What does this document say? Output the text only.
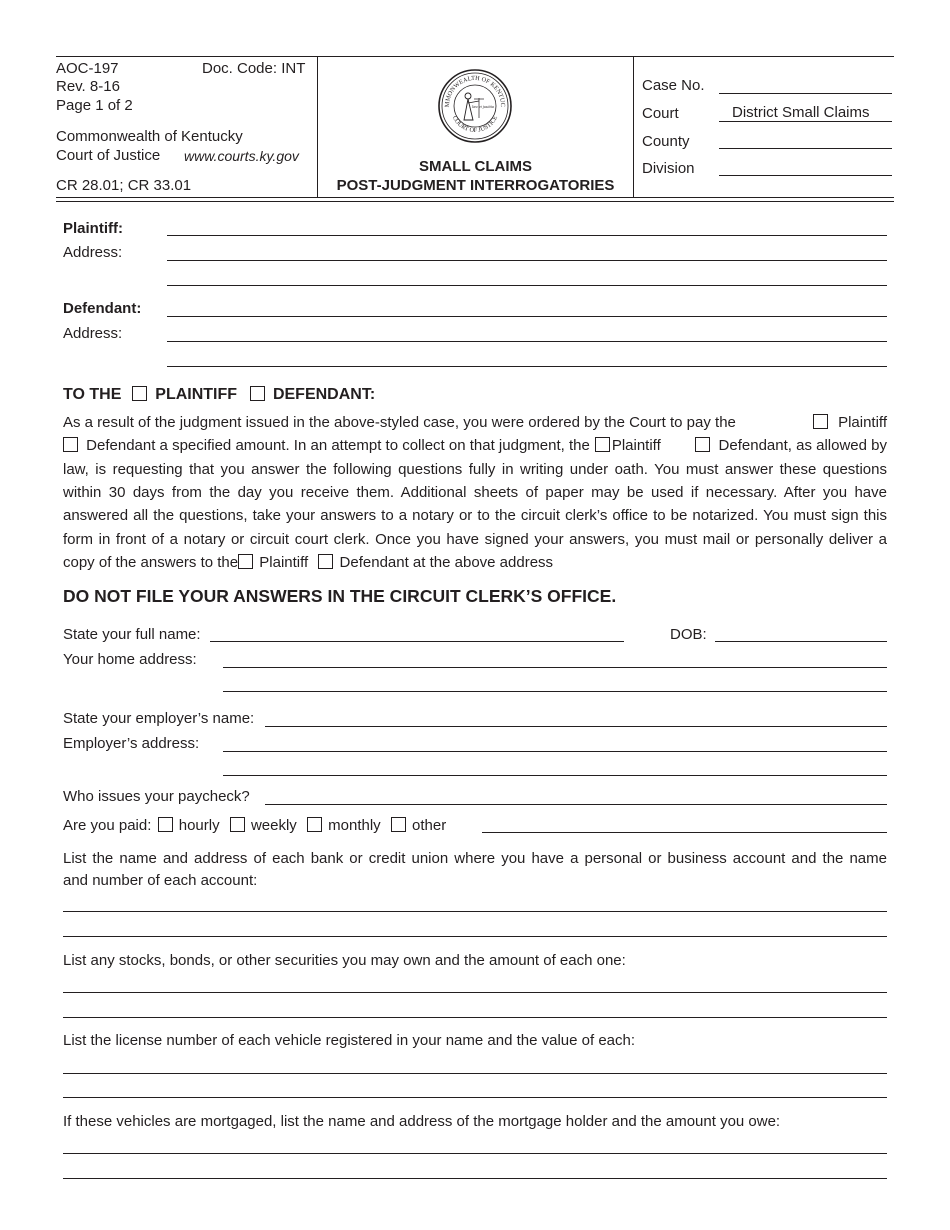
AOC-197	Doc. Code: INT
Rev. 8-16
Page 1 of 2
Commonwealth of Kentucky
Court of Justice www.courts.ky.gov
CR 28.01; CR 33.01
MMONWEALTH OF KENTUC
COURT OF JUSTICE
law et justitia
SMALL CLAIMS
POST-JUDGMENT INTERROGATORIES
Case No.
Court	District Small Claims
County
Division
Plaintiff:
Address:
Defendant:
Address:
TO THE PLAINTIFF DEFENDANT:
As a result of the judgment issued in the above-styled case, you were ordered by the Court to pay the	Plaintiff
Defendant a specified amount. In an attempt to collect on that judgment, the Plaintiff	Defendant, as allowed by
law, is requesting that you answer the following questions fully in writing under oath. You must answer these questions
within 30 days from the day you receive them. Additional sheets of paper may be used if necessary. After you have
answered all the questions, take your answers to a notary or to the circuit clerk’s office to be notarized. You must sign this
form in front of a notary or circuit court clerk. Once you have signed your answers, you must mail or personally deliver a
copy of the answers to the Plaintiff Defendant at the above address
DO NOT FILE YOUR ANSWERS IN THE CIRCUIT CLERK’S OFFICE.
State your full name:	DOB:
Your home address:
State your employer’s name:
Employer’s address:
Who issues your paycheck?
Are you paid: hourly weekly monthly other
List the name and address of each bank or credit union where you have a personal or business account and the name
and number of each account:
List any stocks, bonds, or other securities you may own and the amount of each one:
List the license number of each vehicle registered in your name and the value of each:
If these vehicles are mortgaged, list the name and address of the mortgage holder and the amount you owe:
